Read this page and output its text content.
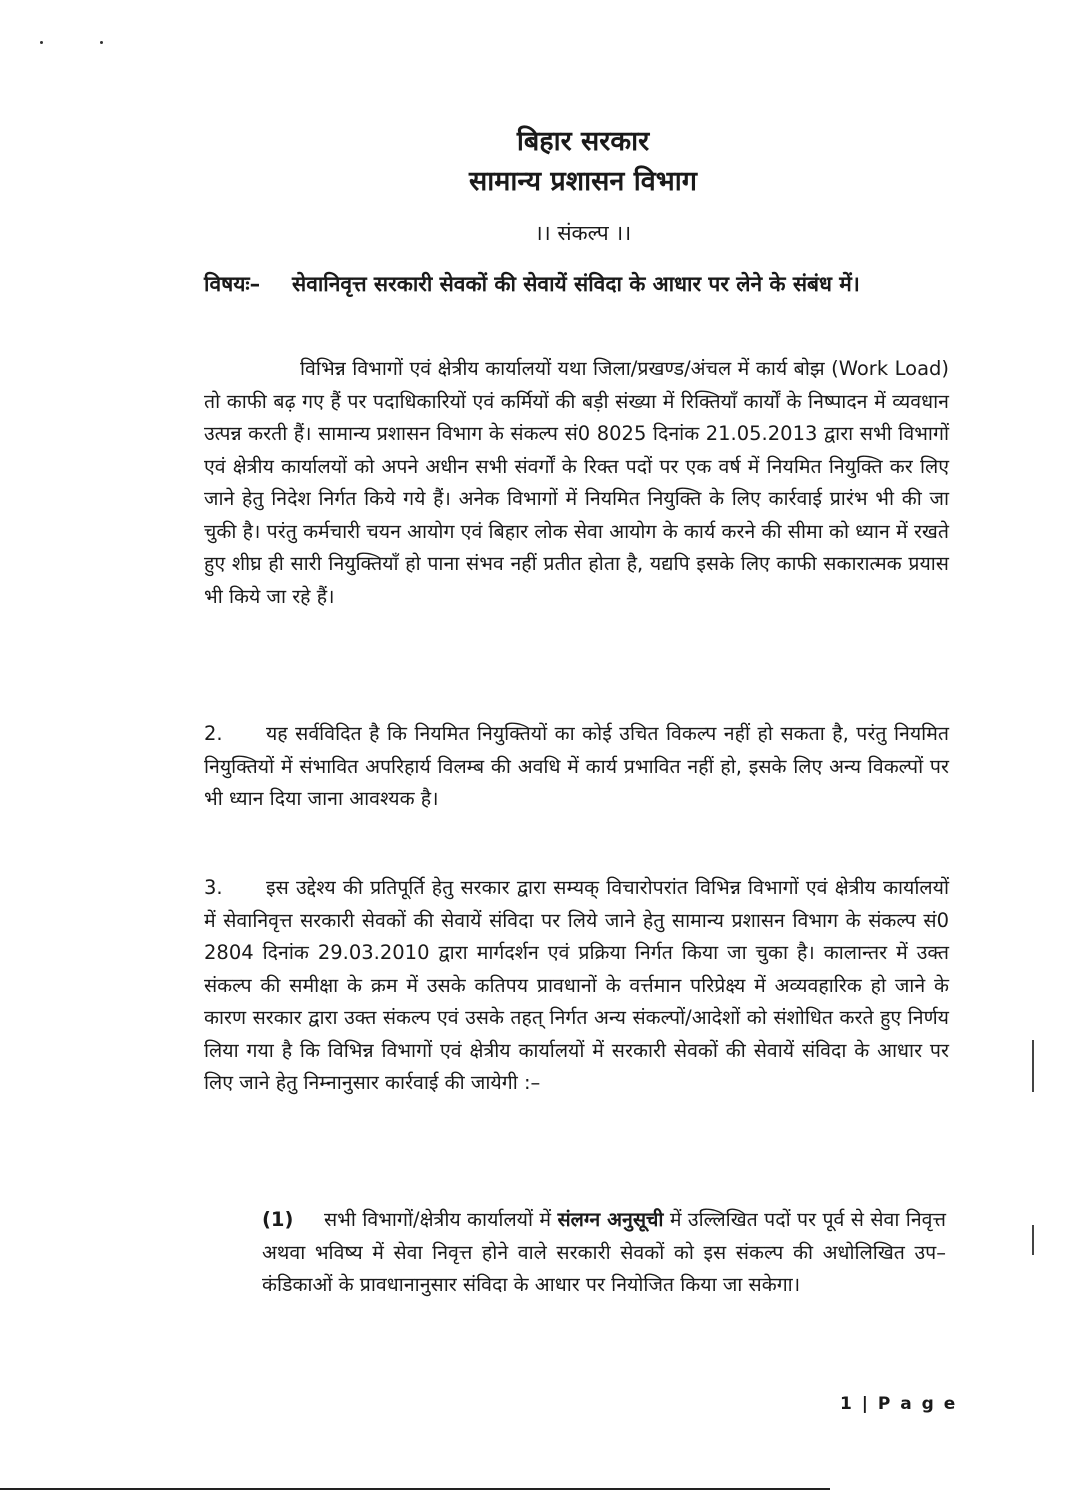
बिहार सरकार
सामान्य प्रशासन विभाग
।। संकल्प ।।
विषयः–	सेवानिवृत्त सरकारी सेवकों की सेवायें संविदा के आधार पर लेने के संबंध में।
विभिन्न विभागों एवं क्षेत्रीय कार्यालयों यथा जिला/प्रखण्ड/अंचल में कार्य बोझ (Work Load) तो काफी बढ़ गए हैं पर पदाधिकारियों एवं कर्मियों की बड़ी संख्या में रिक्तियाँ कार्यों के निष्पादन में व्यवधान उत्पन्न करती हैं। सामान्य प्रशासन विभाग के संकल्प सं0 8025 दिनांक 21.05.2013 द्वारा सभी विभागों एवं क्षेत्रीय कार्यालयों को अपने अधीन सभी संवर्गों के रिक्त पदों पर एक वर्ष में नियमित नियुक्ति कर लिए जाने हेतु निदेश निर्गत किये गये हैं। अनेक विभागों में नियमित नियुक्ति के लिए कार्रवाई प्रारंभ भी की जा चुकी है। परंतु कर्मचारी चयन आयोग एवं बिहार लोक सेवा आयोग के कार्य करने की सीमा को ध्यान में रखते हुए शीघ्र ही सारी नियुक्तियाँ हो पाना संभव नहीं प्रतीत होता है, यद्यपि इसके लिए काफी सकारात्मक प्रयास भी किये जा रहे हैं।
2. यह सर्वविदित है कि नियमित नियुक्तियों का कोई उचित विकल्प नहीं हो सकता है, परंतु नियमित नियुक्तियों में संभावित अपरिहार्य विलम्ब की अवधि में कार्य प्रभावित नहीं हो, इसके लिए अन्य विकल्पों पर भी ध्यान दिया जाना आवश्यक है।
3. इस उद्देश्य की प्रतिपूर्ति हेतु सरकार द्वारा सम्यक् विचारोपरांत विभिन्न विभागों एवं क्षेत्रीय कार्यालयों में सेवानिवृत्त सरकारी सेवकों की सेवायें संविदा पर लिये जाने हेतु सामान्य प्रशासन विभाग के संकल्प सं0 2804 दिनांक 29.03.2010 द्वारा मार्गदर्शन एवं प्रक्रिया निर्गत किया जा चुका है। कालान्तर में उक्त संकल्प की समीक्षा के क्रम में उसके कतिपय प्रावधानों के वर्त्तमान परिप्रेक्ष्य में अव्यवहारिक हो जाने के कारण सरकार द्वारा उक्त संकल्प एवं उसके तहत् निर्गत अन्य संकल्पों/आदेशों को संशोधित करते हुए निर्णय लिया गया है कि विभिन्न विभागों एवं क्षेत्रीय कार्यालयों में सरकारी सेवकों की सेवायें संविदा के आधार पर लिए जाने हेतु निम्नानुसार कार्रवाई की जायेगी :–
(1) सभी विभागों/क्षेत्रीय कार्यालयों में संलग्न अनुसूची में उल्लिखित पदों पर पूर्व से सेवा निवृत्त अथवा भविष्य में सेवा निवृत्त होने वाले सरकारी सेवकों को इस संकल्प की अधोलिखित उप–कंडिकाओं के प्रावधानानुसार संविदा के आधार पर नियोजित किया जा सकेगा।
1 | P a g e
